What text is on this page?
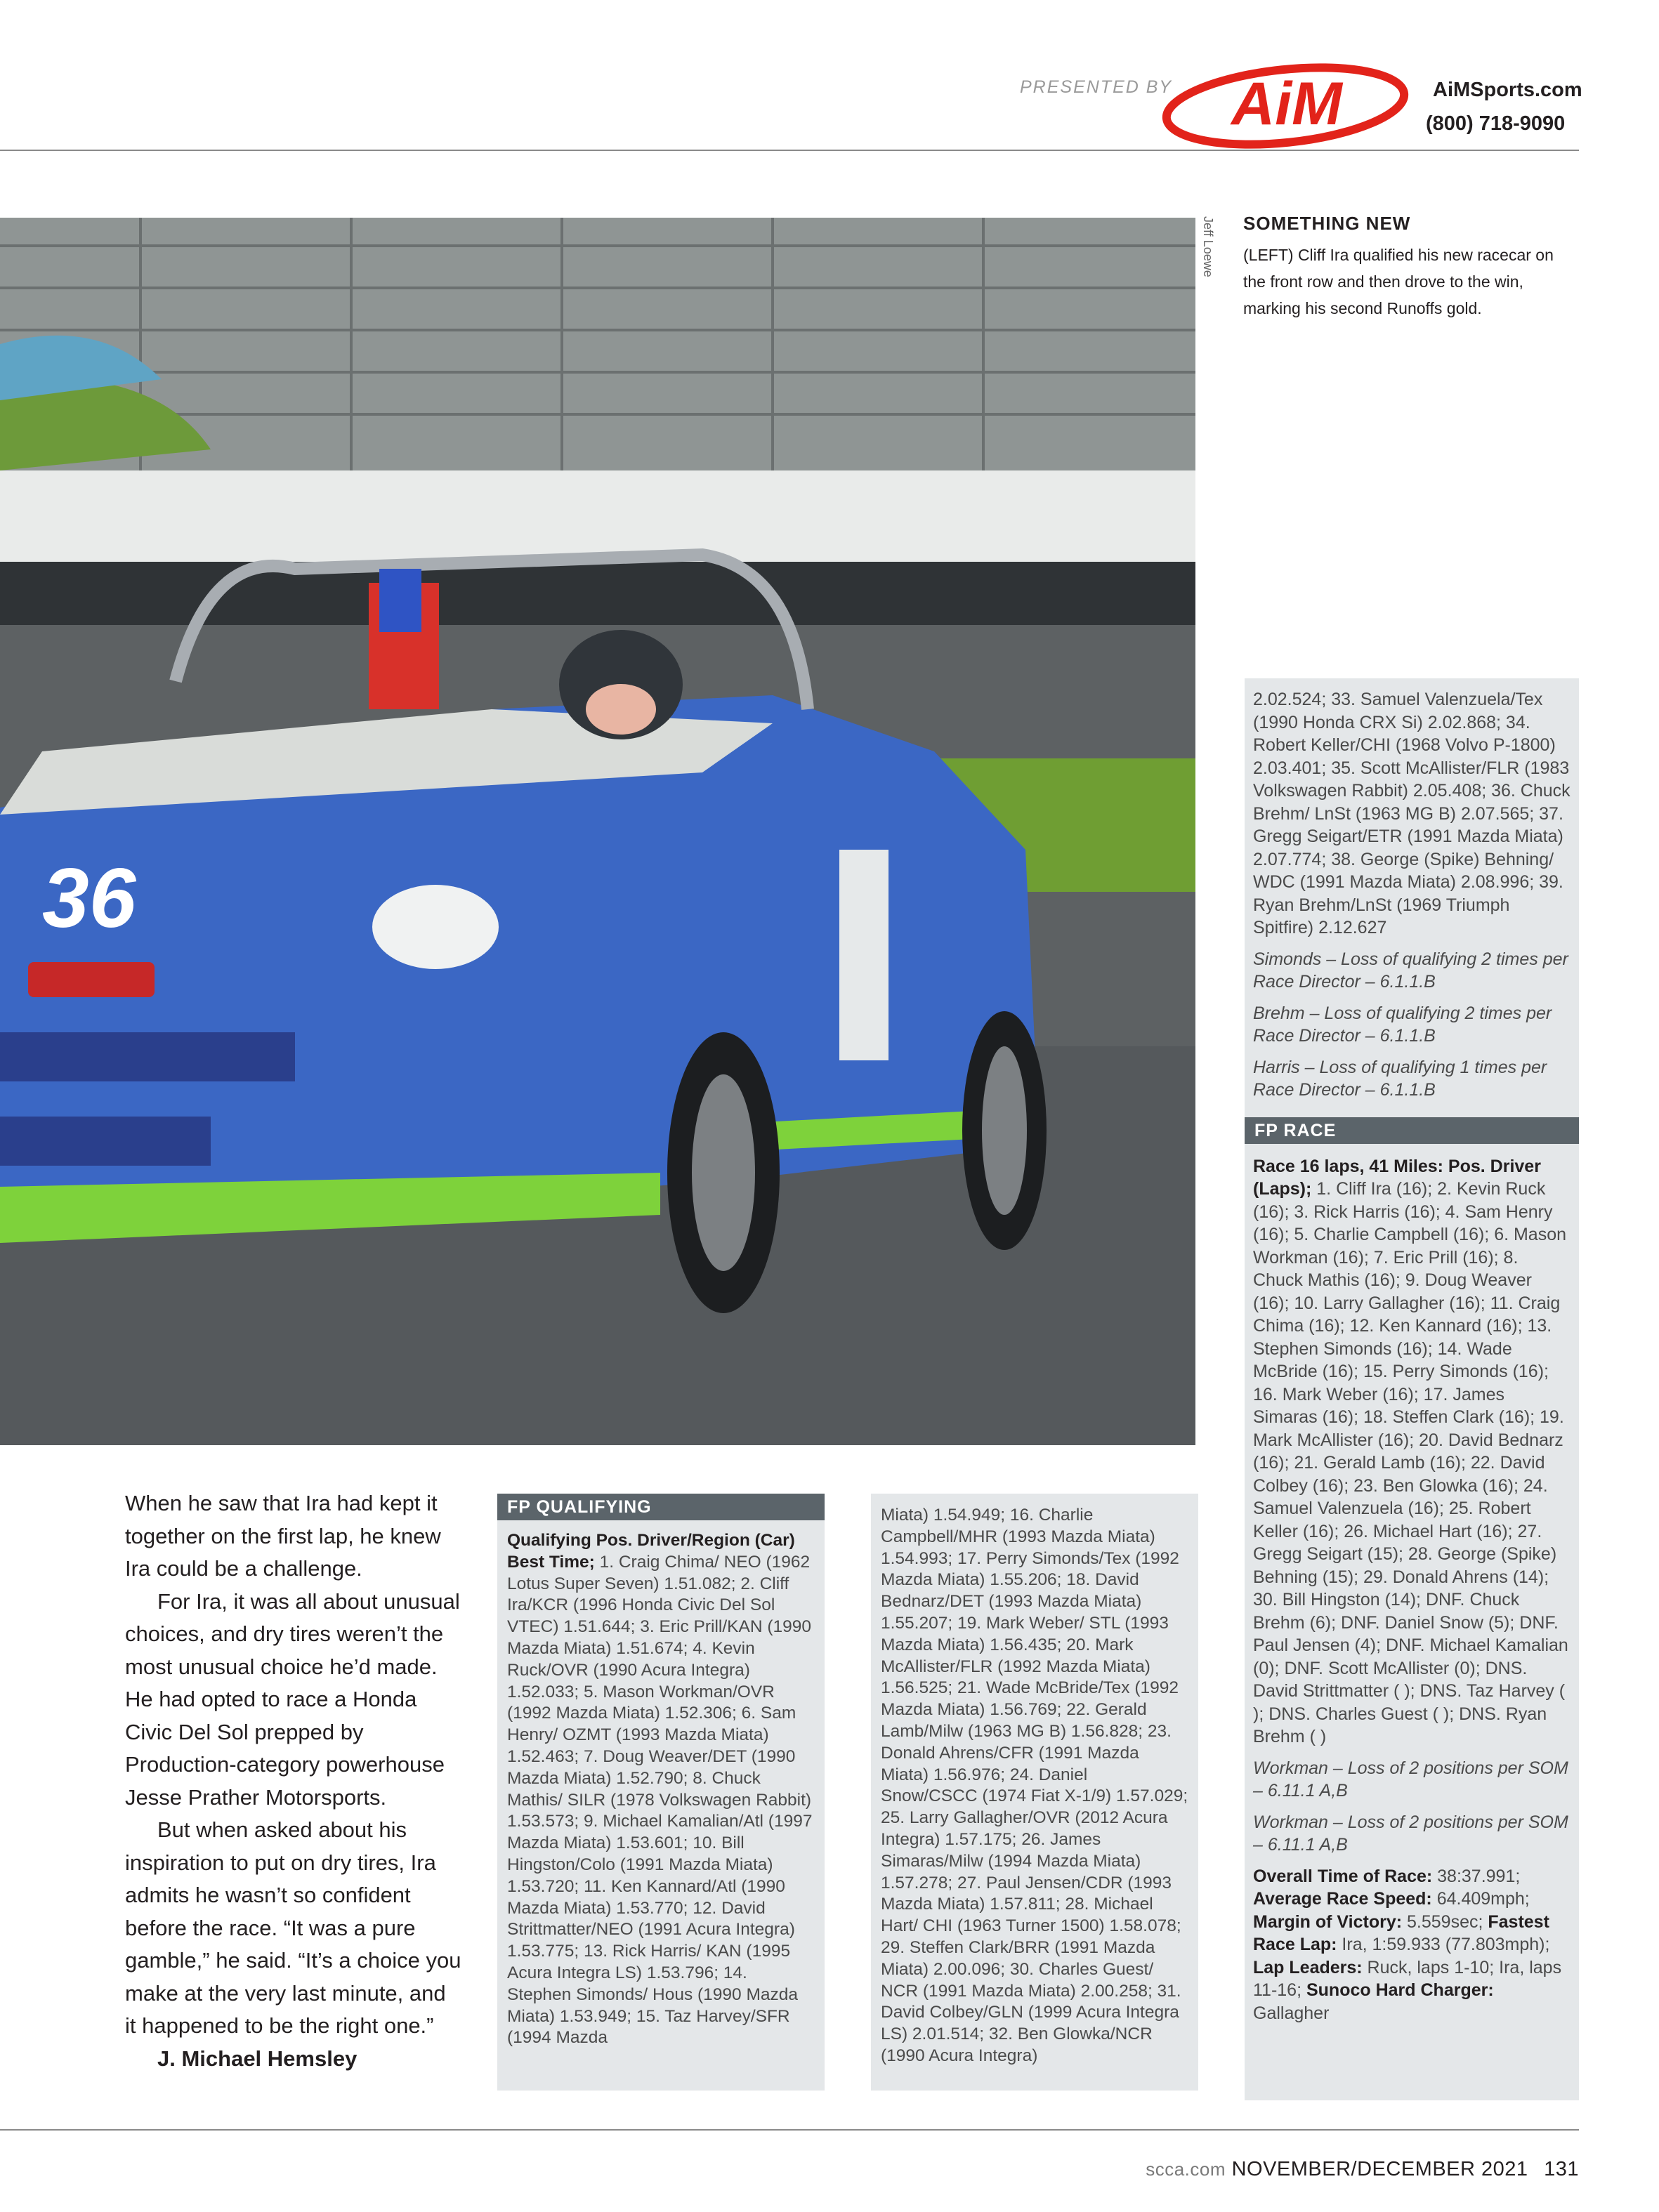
PRESENTED BY AiM	AiMSports.com
(800) 718-9090
36
Jeff Loewe SOMETHING NEW
(LEFT) Cliff Ira qualified his new racecar on the front row and then drove to the win, marking his second Runoffs gold.

When he saw that Ira had kept it together on the first lap, he knew Ira could be a challenge.

For Ira, it was all about unusual choices, and dry tires weren’t the most unusual choice he’d made. He had opted to race a Honda Civic Del Sol prepped by Production-category powerhouse Jesse Prather Motorsports.

But when asked about his inspiration to put on dry tires, Ira admits he wasn’t so confident before the race. “It was a pure gamble,” he said. “It’s a choice you make at the very last minute, and it happened to be the right one.”

J. Michael Hemsley

FP QUALIFYING
Qualifying Pos. Driver/Region (Car) Best Time; 1. Craig Chima/ NEO (1962 Lotus Super Seven) 1.51.082; 2. Cliff Ira/KCR (1996 Honda Civic Del Sol VTEC) 1.51.644; 3. Eric Prill/KAN (1990 Mazda Miata) 1.51.674; 4. Kevin Ruck/OVR (1990 Acura Integra) 1.52.033; 5. Mason Workman/OVR (1992 Mazda Miata) 1.52.306; 6. Sam Henry/ OZMT (1993 Mazda Miata) 1.52.463; 7. Doug Weaver/DET (1990 Mazda Miata) 1.52.790; 8. Chuck Mathis/ SILR (1978 Volkswagen Rabbit) 1.53.573; 9. Michael Kamalian/Atl (1997 Mazda Miata) 1.53.601; 10. Bill Hingston/Colo (1991 Mazda Miata) 1.53.720; 11. Ken Kannard/Atl (1990 Mazda Miata) 1.53.770; 12. David Strittmatter/NEO (1991 Acura Integra) 1.53.775; 13. Rick Harris/ KAN (1995 Acura Integra LS) 1.53.796; 14. Stephen Simonds/ Hous (1990 Mazda Miata) 1.53.949; 15. Taz Harvey/SFR (1994 Mazda
Miata) 1.54.949; 16. Charlie Campbell/MHR (1993 Mazda Miata) 1.54.993; 17. Perry Simonds/Tex (1992 Mazda Miata) 1.55.206; 18. David Bednarz/DET (1993 Mazda Miata) 1.55.207; 19. Mark Weber/ STL (1993 Mazda Miata) 1.56.435; 20. Mark McAllister/FLR (1992 Mazda Miata) 1.56.525; 21. Wade McBride/Tex (1992 Mazda Miata) 1.56.769; 22. Gerald Lamb/Milw (1963 MG B) 1.56.828; 23. Donald Ahrens/CFR (1991 Mazda Miata) 1.56.976; 24. Daniel Snow/CSCC (1974 Fiat X-1/9) 1.57.029; 25. Larry Gallagher/OVR (2012 Acura Integra) 1.57.175; 26. James Simaras/Milw (1994 Mazda Miata) 1.57.278; 27. Paul Jensen/CDR (1993 Mazda Miata) 1.57.811; 28. Michael Hart/ CHI (1963 Turner 1500) 1.58.078; 29. Steffen Clark/BRR (1991 Mazda Miata) 2.00.096; 30. Charles Guest/ NCR (1991 Mazda Miata) 2.00.258; 31. David Colbey/GLN (1999 Acura Integra LS) 2.01.514; 32. Ben Glowka/NCR (1990 Acura Integra)
2.02.524; 33. Samuel Valenzuela/Tex (1990 Honda CRX Si) 2.02.868; 34. Robert Keller/CHI (1968 Volvo P-1800) 2.03.401; 35. Scott McAllister/FLR (1983 Volkswagen Rabbit) 2.05.408; 36. Chuck Brehm/ LnSt (1963 MG B) 2.07.565; 37. Gregg Seigart/ETR (1991 Mazda Miata) 2.07.774; 38. George (Spike) Behning/ WDC (1991 Mazda Miata) 2.08.996; 39. Ryan Brehm/LnSt (1969 Triumph Spitfire) 2.12.627
Simonds – Loss of qualifying 2 times per Race Director – 6.1.1.B
Brehm – Loss of qualifying 2 times per Race Director – 6.1.1.B
Harris – Loss of qualifying 1 times per Race Director – 6.1.1.B
FP RACE
Race 16 laps, 41 Miles: Pos. Driver (Laps); 1. Cliff Ira (16); 2. Kevin Ruck (16); 3. Rick Harris (16); 4. Sam Henry (16); 5. Charlie Campbell (16); 6. Mason Workman (16); 7. Eric Prill (16); 8. Chuck Mathis (16); 9. Doug Weaver (16); 10. Larry Gallagher (16); 11. Craig Chima (16); 12. Ken Kannard (16); 13. Stephen Simonds (16); 14. Wade McBride (16); 15. Perry Simonds (16); 16. Mark Weber (16); 17. James Simaras (16); 18. Steffen Clark (16); 19. Mark McAllister (16); 20. David Bednarz (16); 21. Gerald Lamb (16); 22. David Colbey (16); 23. Ben Glowka (16); 24. Samuel Valenzuela (16); 25. Robert Keller (16); 26. Michael Hart (16); 27. Gregg Seigart (15); 28. George (Spike) Behning (15); 29. Donald Ahrens (14); 30. Bill Hingston (14); DNF. Chuck Brehm (6); DNF. Daniel Snow (5); DNF. Paul Jensen (4); DNF. Michael Kamalian (0); DNF. Scott McAllister (0); DNS. David Strittmatter ( ); DNS. Taz Harvey ( ); DNS. Charles Guest ( ); DNS. Ryan Brehm ( )
Workman – Loss of 2 positions per SOM – 6.11.1 A,B
Workman – Loss of 2 positions per SOM – 6.11.1 A,B
Overall Time of Race: 38:37.991; Average Race Speed: 64.409mph; Margin of Victory: 5.559sec; Fastest Race Lap: Ira, 1:59.933 (77.803mph); Lap Leaders: Ruck, laps 1-10; Ira, laps 11-16; Sunoco Hard Charger: Gallagher
scca.com NOVEMBER/DECEMBER 2021 131
